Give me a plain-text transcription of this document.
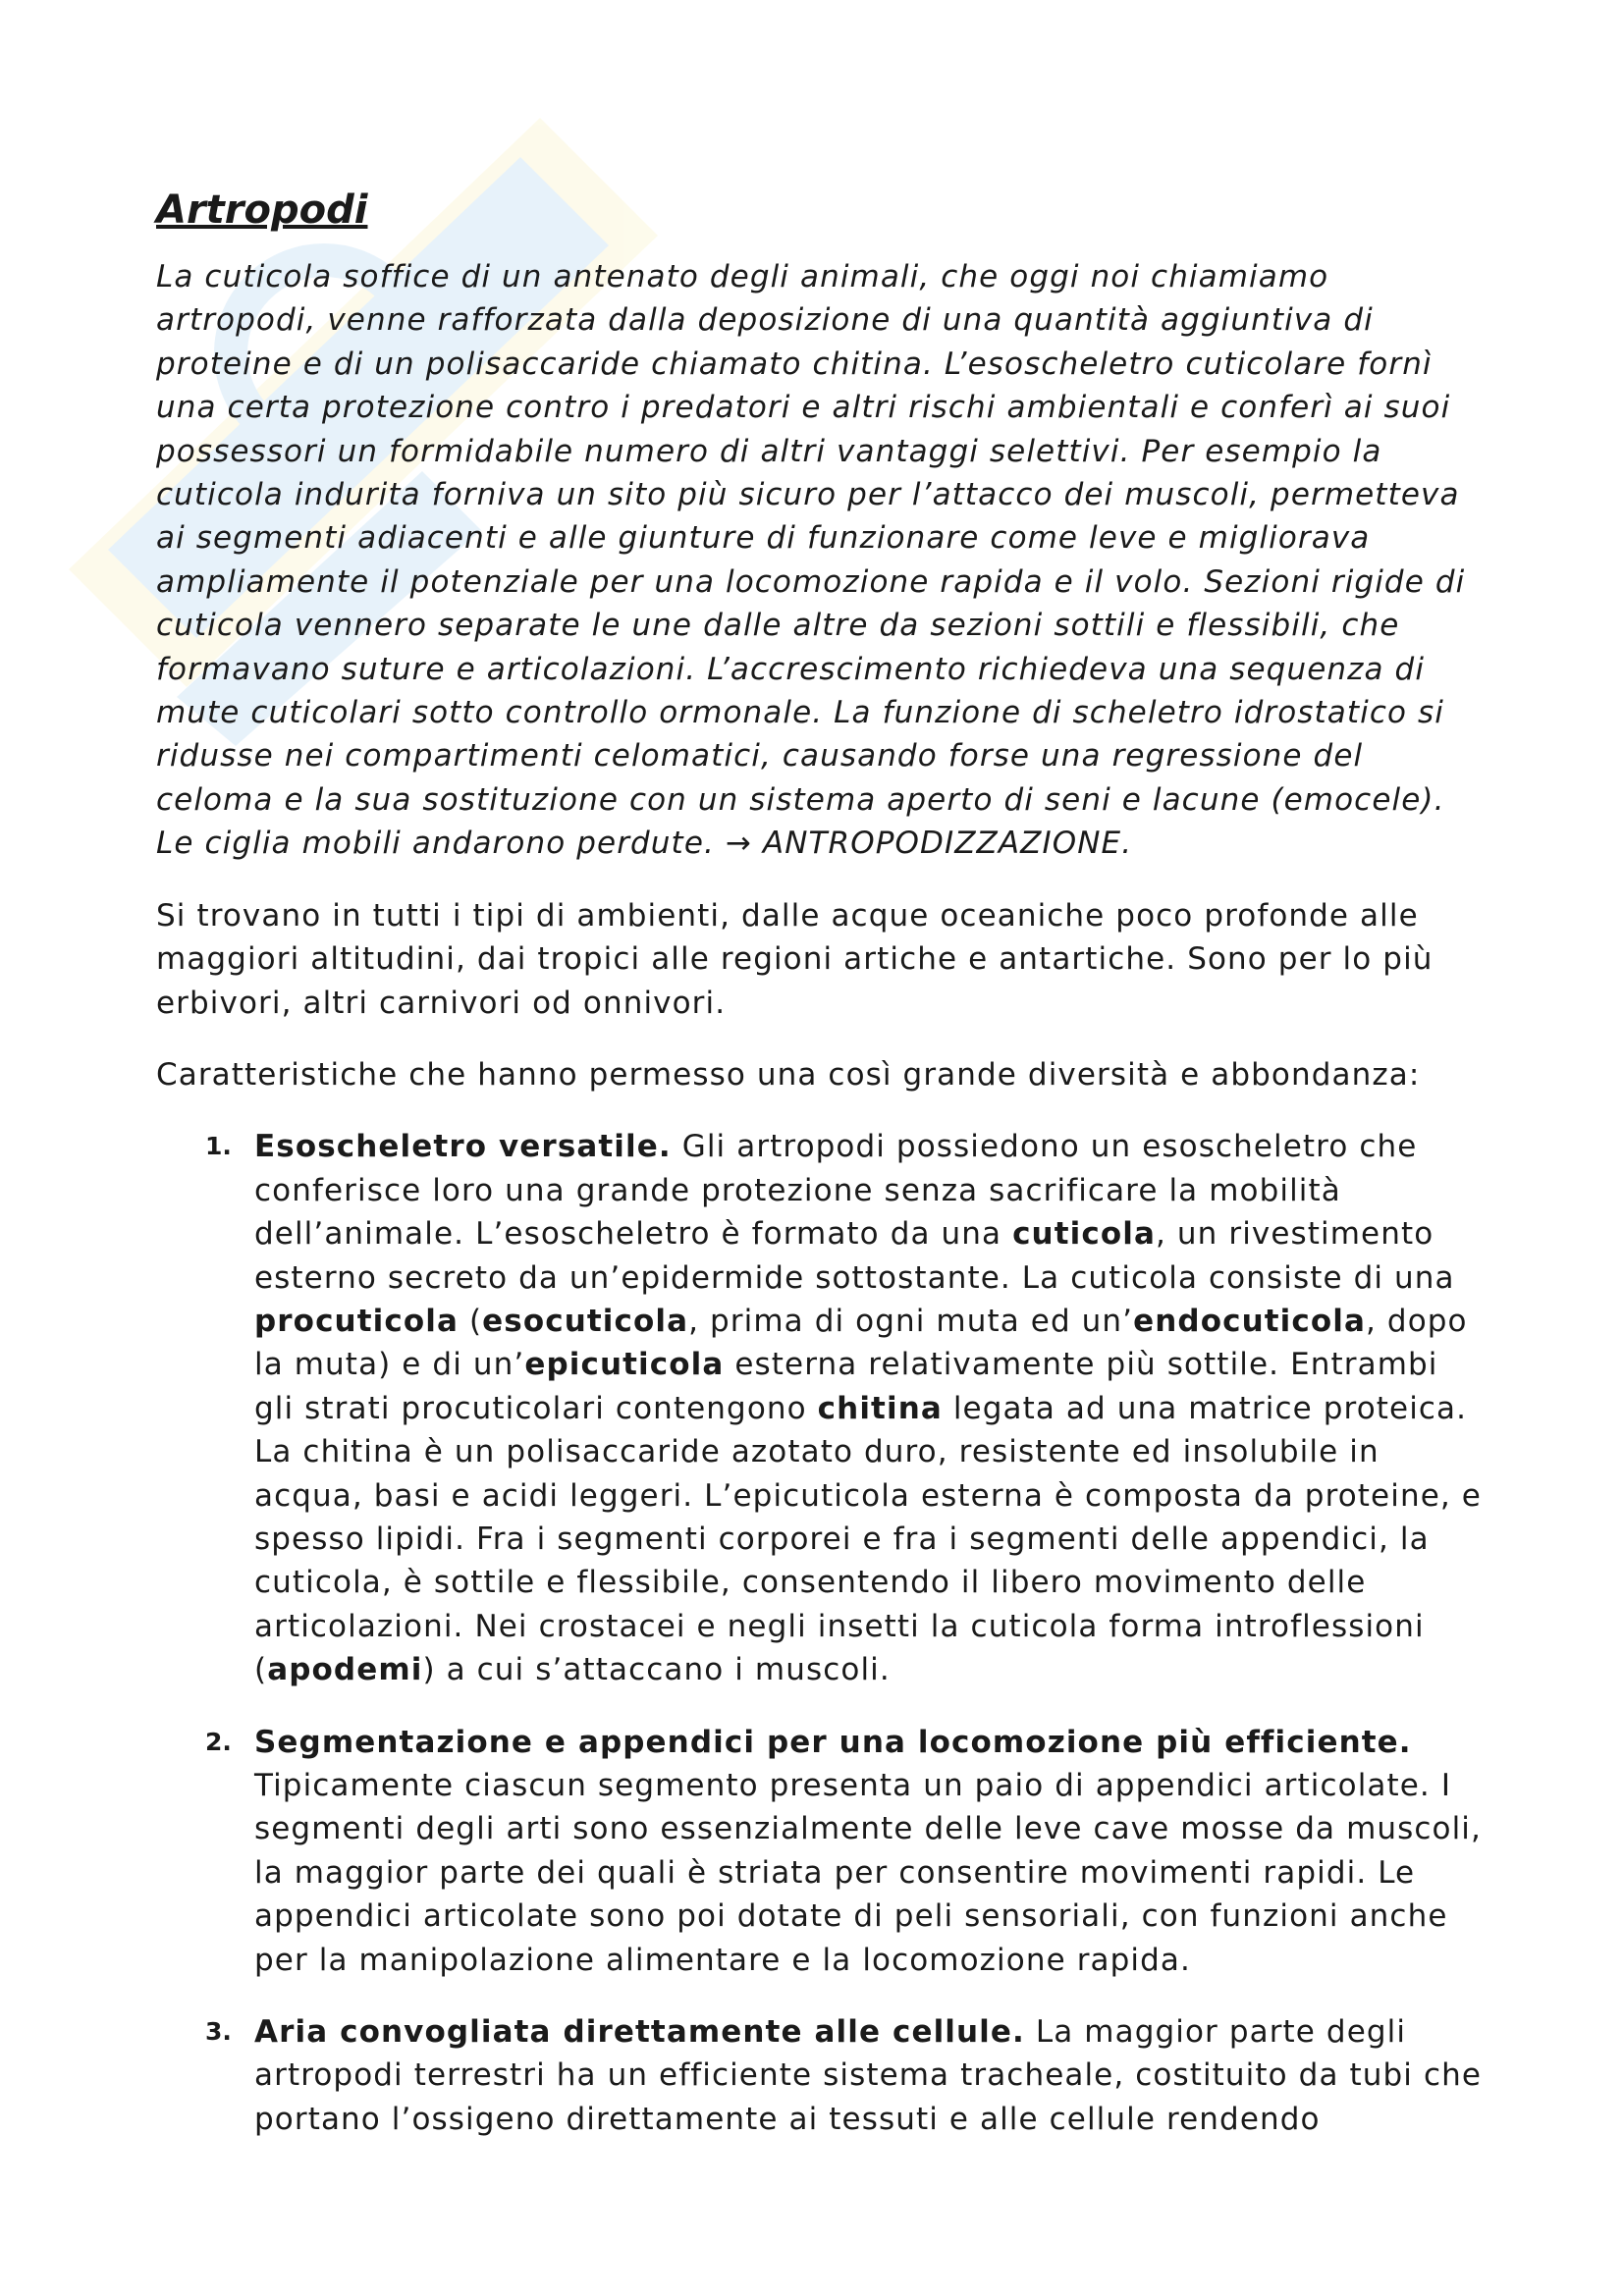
Artropodi

La cuticola soffice di un antenato degli animali, che oggi noi chiamiamo artropodi, venne rafforzata dalla deposizione di una quantità aggiuntiva di proteine e di un polisaccaride chiamato chitina. L’esoscheletro cuticolare fornì una certa protezione contro i predatori e altri rischi ambientali e conferì ai suoi possessori un formidabile numero di altri vantaggi selettivi. Per esempio la cuticola indurita forniva un sito più sicuro per l’attacco dei muscoli, permetteva ai segmenti adiacenti e alle giunture di funzionare come leve e migliorava ampliamente il potenziale per una locomozione rapida e il volo. Sezioni rigide di cuticola vennero separate le une dalle altre da sezioni sottili e flessibili, che formavano suture e articolazioni. L’accrescimento richiedeva una sequenza di mute cuticolari sotto controllo ormonale. La funzione di scheletro idrostatico si ridusse nei compartimenti celomatici, causando forse una regressione del celoma e la sua sostituzione con un sistema aperto di seni e lacune (emocele). Le ciglia mobili andarono perdute. → ANTROPODIZZAZIONE.

Si trovano in tutti i tipi di ambienti, dalle acque oceaniche poco profonde alle maggiori altitudini, dai tropici alle regioni artiche e antartiche. Sono per lo più erbivori, altri carnivori od onnivori.

Caratteristiche che hanno permesso una così grande diversità e abbondanza:

1. Esoscheletro versatile. Gli artropodi possiedono un esoscheletro che conferisce loro una grande protezione senza sacrificare la mobilità dell’animale. L’esoscheletro è formato da una cuticola, un rivestimento esterno secreto da un’epidermide sottostante. La cuticola consiste di una procuticola (esocuticola, prima di ogni muta ed un’endocuticola, dopo la muta) e di un’epicuticola esterna relativamente più sottile. Entrambi gli strati procuticolari contengono chitina legata ad una matrice proteica. La chitina è un polisaccaride azotato duro, resistente ed insolubile in acqua, basi e acidi leggeri. L’epicuticola esterna è composta da proteine, e spesso lipidi. Fra i segmenti corporei e fra i segmenti delle appendici, la cuticola, è sottile e flessibile, consentendo il libero movimento delle articolazioni. Nei crostacei e negli insetti la cuticola forma introflessioni (apodemi) a cui s’attaccano i muscoli.
2. Segmentazione e appendici per una locomozione più efficiente. Tipicamente ciascun segmento presenta un paio di appendici articolate. I segmenti degli arti sono essenzialmente delle leve cave mosse da muscoli, la maggior parte dei quali è striata per consentire movimenti rapidi. Le appendici articolate sono poi dotate di peli sensoriali, con funzioni anche per la manipolazione alimentare e la locomozione rapida.
3. Aria convogliata direttamente alle cellule. La maggior parte degli artropodi terrestri ha un efficiente sistema tracheale, costituito da tubi che portano l’ossigeno direttamente ai tessuti e alle cellule rendendo
